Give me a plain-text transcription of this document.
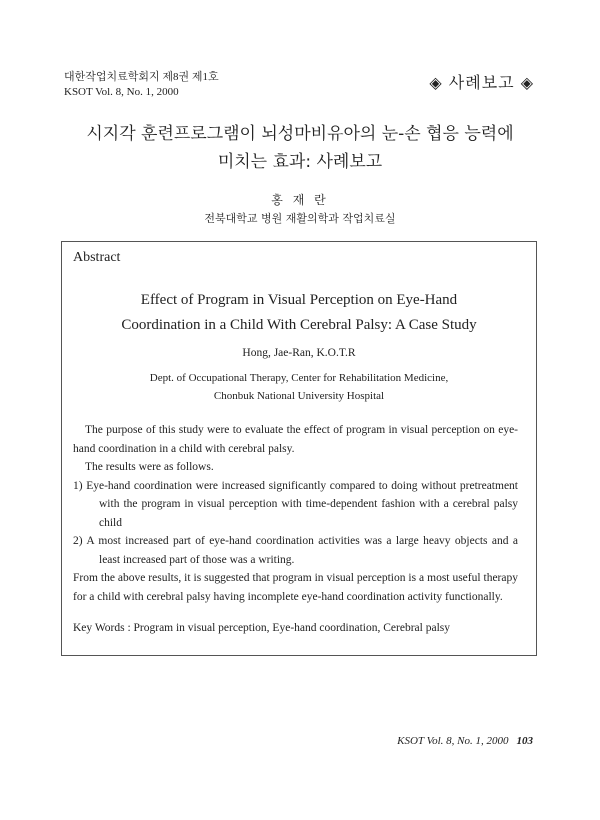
대한작업치료학회지 제8권 제1호
KSOT Vol. 8, No. 1, 2000	◈ 사례보고 ◈
시지각 훈련프로그램이 뇌성마비유아의 눈-손 협응 능력에
미치는 효과: 사례보고
홍 재 란
전북대학교 병원 재활의학과 작업치료실
Abstract
Effect of Program in Visual Perception on Eye-Hand
Coordination in a Child With Cerebral Palsy: A Case Study
Hong, Jae-Ran, K.O.T.R
Dept. of Occupational Therapy, Center for Rehabilitation Medicine,
Chonbuk National University Hospital

The purpose of this study were to evaluate the effect of program in visual perception on eye-hand coordination in a child with cerebral palsy.

The results were as follows.

1) Eye-hand coordination were increased significantly compared to doing without pretreatment with the program in visual perception with time-dependent fashion with a cerebral palsy child

2) A most increased part of eye-hand coordination activities was a large heavy objects and a least increased part of those was a writing.

From the above results, it is suggested that program in visual perception is a most useful therapy for a child with cerebral palsy having incomplete eye-hand coordination activity functionally.

Key Words : Program in visual perception, Eye-hand coordination, Cerebral palsy

KSOT Vol. 8, No. 1, 2000 103
